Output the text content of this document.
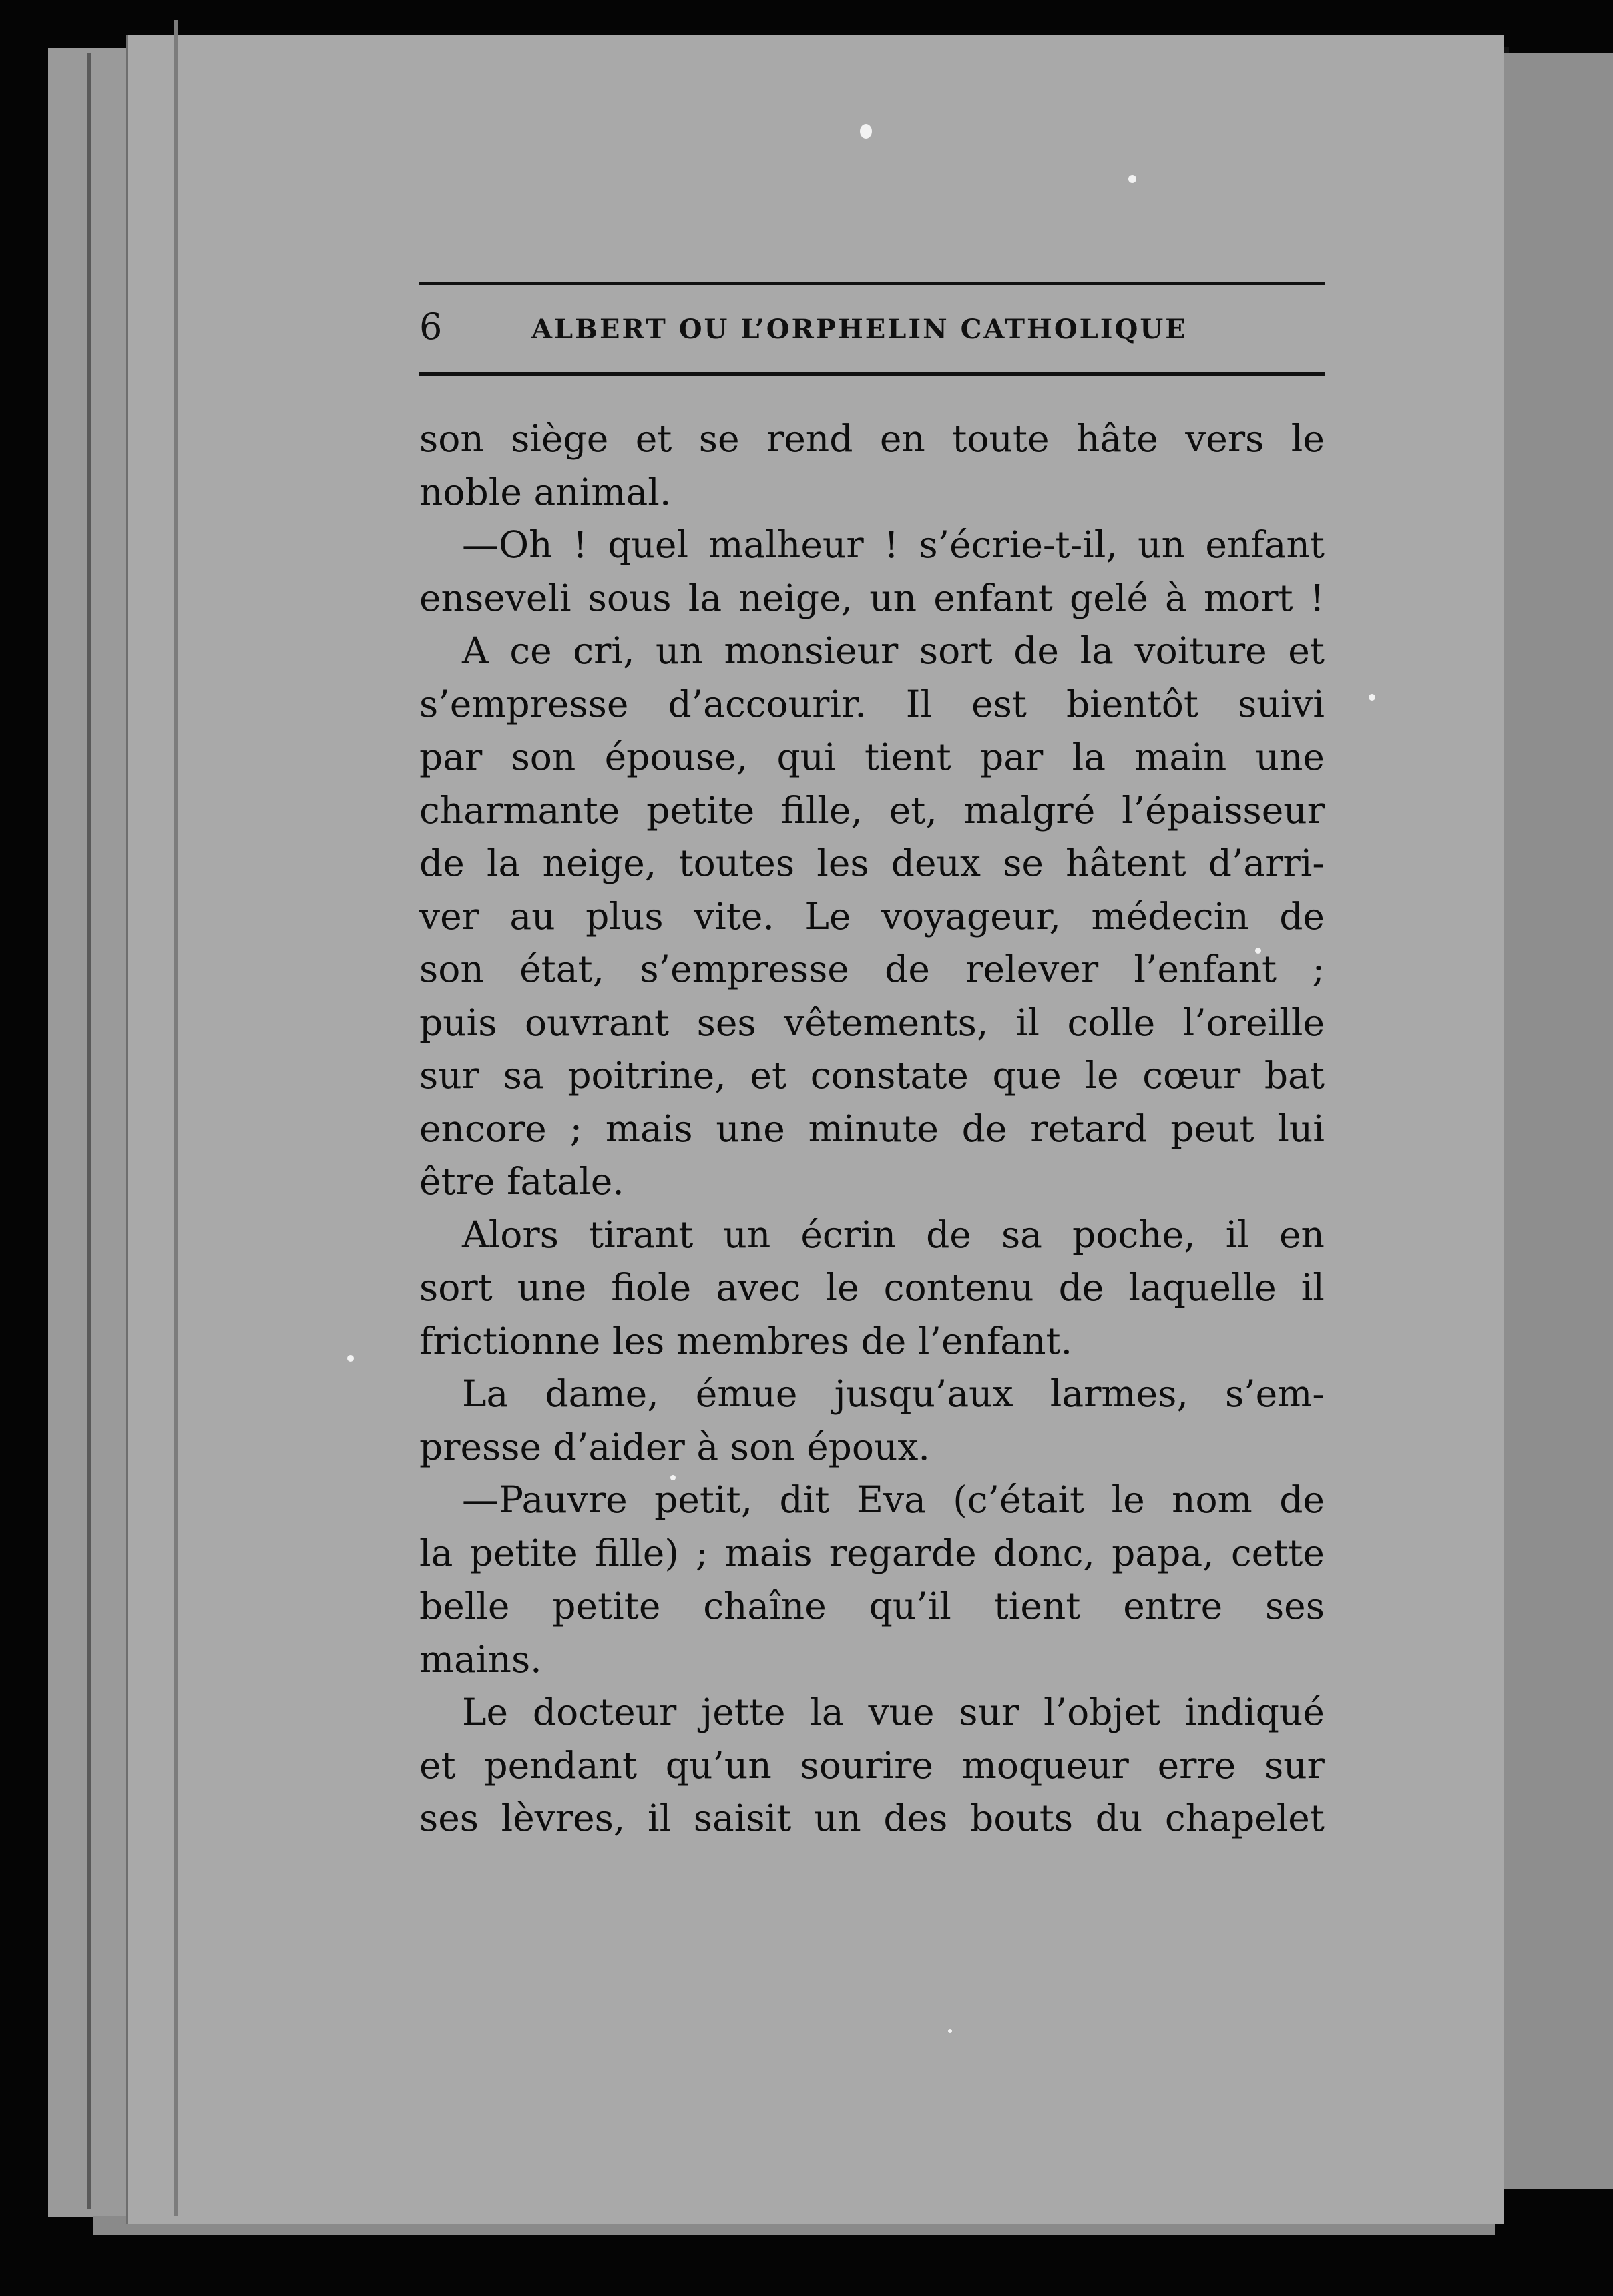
6	ALBERT OU L’ORPHELIN CATHOLIQUE
son siège et se rend en toute hâte vers le
noble animal.
—Oh ! quel malheur ! s’écrie-t-il, un enfant
enseveli sous la neige, un enfant gelé à mort !
A ce cri, un monsieur sort de la voiture et
s’empresse d’accourir. Il est bientôt suivi
par son épouse, qui tient par la main une
charmante petite fille, et, malgré l’épaisseur
de la neige, toutes les deux se hâtent d’arri-
ver au plus vite. Le voyageur, médecin de
son état, s’empresse de relever l’enfant ;
puis ouvrant ses vêtements, il colle l’oreille
sur sa poitrine, et constate que le cœur bat
encore ; mais une minute de retard peut lui
être fatale.
Alors tirant un écrin de sa poche, il en
sort une fiole avec le contenu de laquelle il
frictionne les membres de l’enfant.
La dame, émue jusqu’aux larmes, s’em-
presse d’aider à son époux.
—Pauvre petit, dit Eva (c’était le nom de
la petite fille) ; mais regarde donc, papa, cette
belle petite chaîne qu’il tient entre ses
mains.
Le docteur jette la vue sur l’objet indiqué
et pendant qu’un sourire moqueur erre sur
ses lèvres, il saisit un des bouts du chapelet
